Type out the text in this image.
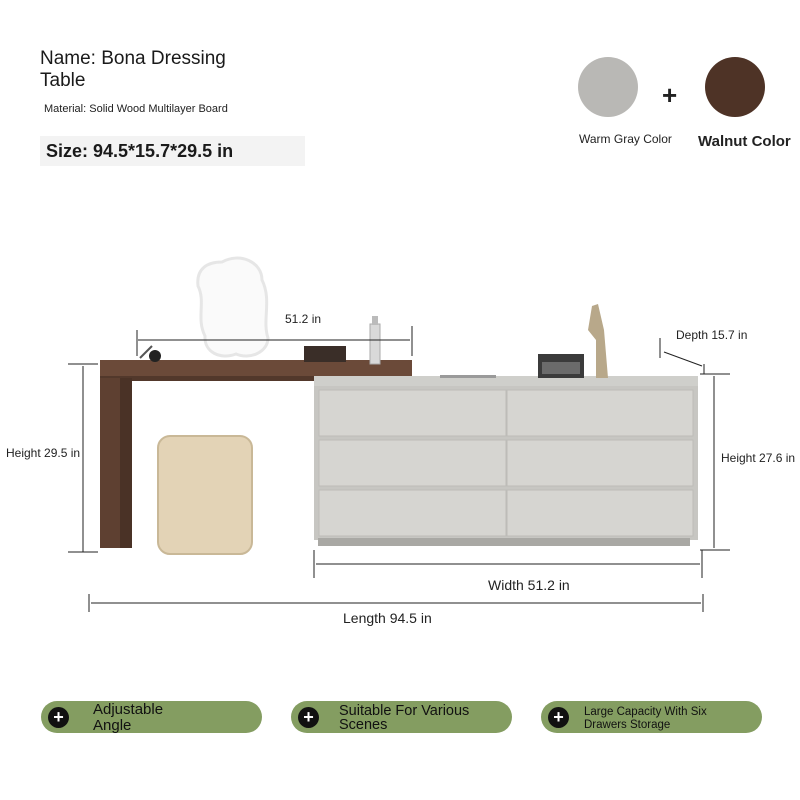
Name: Bona Dressing Table
Material: Solid Wood Multilayer Board
Size: 94.5*15.7*29.5 in
+
Warm Gray Color Walnut Color
51.2 in
Depth 15.7 in
Height 29.5 in	Height 27.6 in
Width 51.2 in
Length 94.5 in
+	Adjustable Angle	+	Suitable For Various Scenes	+	Large Capacity With Six Drawers Storage
